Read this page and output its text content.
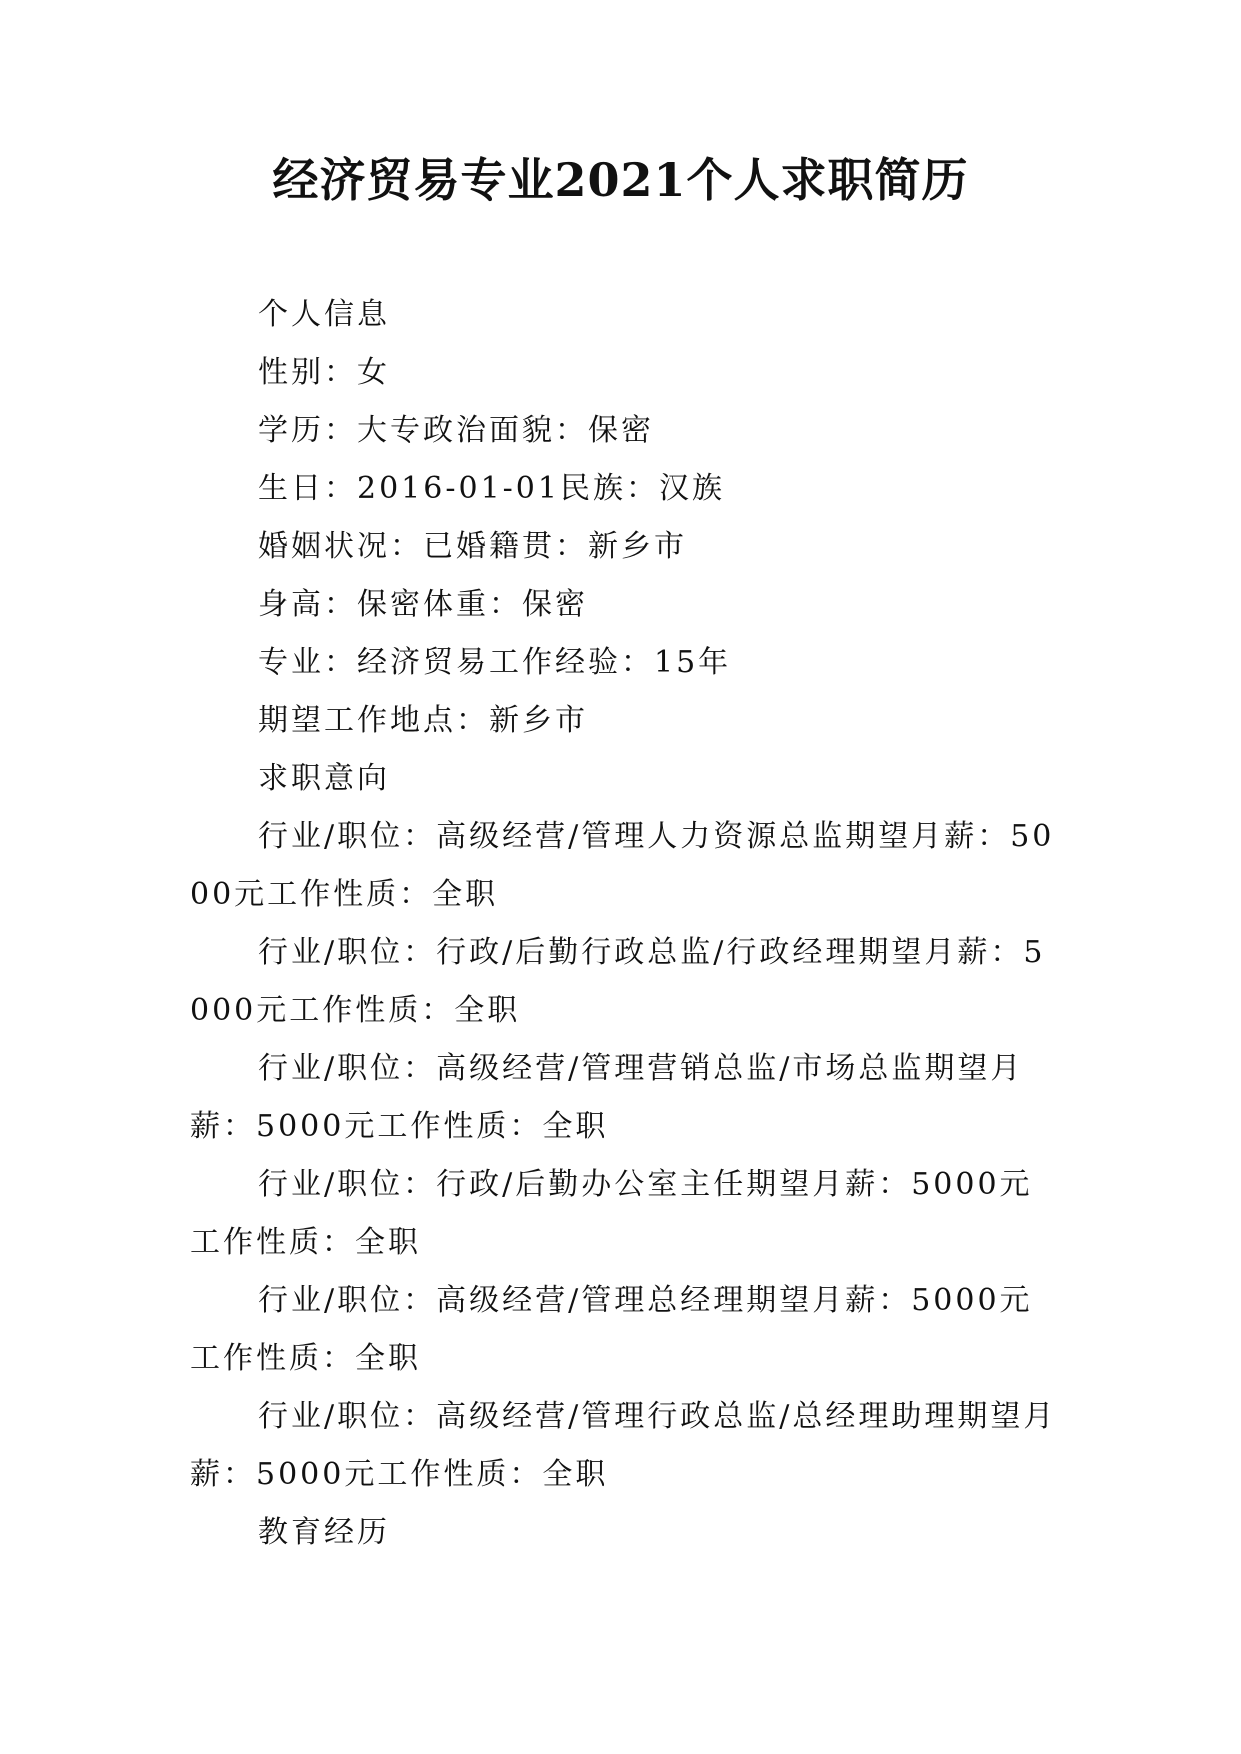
经济贸易专业2021个人求职简历

个人信息

性别：女

学历：大专政治面貌：保密

生日：2016-01-01民族：汉族

婚姻状况：已婚籍贯：新乡市

身高：保密体重：保密

专业：经济贸易工作经验：15年

期望工作地点：新乡市

求职意向

行业/职位：高级经营/管理人力资源总监期望月薪：5000元工作性质：全职

行业/职位：行政/后勤行政总监/行政经理期望月薪：5000元工作性质：全职

行业/职位：高级经营/管理营销总监/市场总监期望月薪：5000元工作性质：全职

行业/职位：行政/后勤办公室主任期望月薪：5000元工作性质：全职

行业/职位：高级经营/管理总经理期望月薪：5000元工作性质：全职

行业/职位：高级经营/管理行政总监/总经理助理期望月薪：5000元工作性质：全职

教育经历
